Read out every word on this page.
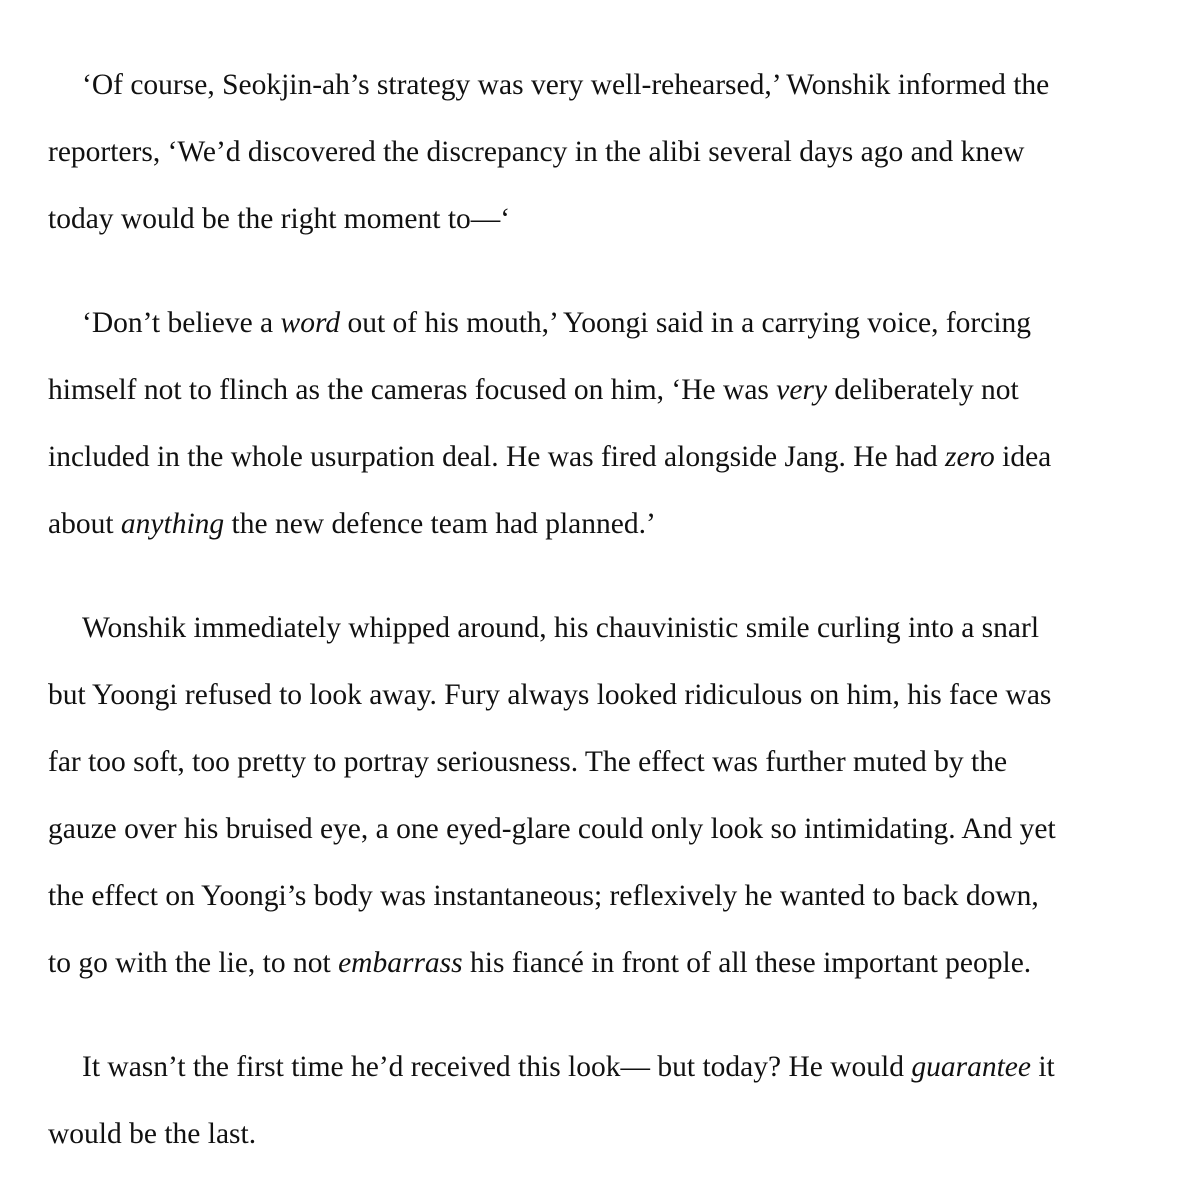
‘Of course, Seokjin-ah’s strategy was very well-rehearsed,’ Wonshik informed the
reporters, ‘We’d discovered the discrepancy in the alibi several days ago and knew
today would be the right moment to—‘

‘Don’t believe a word out of his mouth,’ Yoongi said in a carrying voice, forcing
himself not to flinch as the cameras focused on him, ‘He was very deliberately not
included in the whole usurpation deal. He was fired alongside Jang. He had zero idea
about anything the new defence team had planned.’

Wonshik immediately whipped around, his chauvinistic smile curling into a snarl
but Yoongi refused to look away. Fury always looked ridiculous on him, his face was
far too soft, too pretty to portray seriousness. The effect was further muted by the
gauze over his bruised eye, a one eyed-glare could only look so intimidating. And yet
the effect on Yoongi’s body was instantaneous; reflexively he wanted to back down,
to go with the lie, to not embarrass his fiancé in front of all these important people.

It wasn’t the first time he’d received this look— but today? He would guarantee it
would be the last.
